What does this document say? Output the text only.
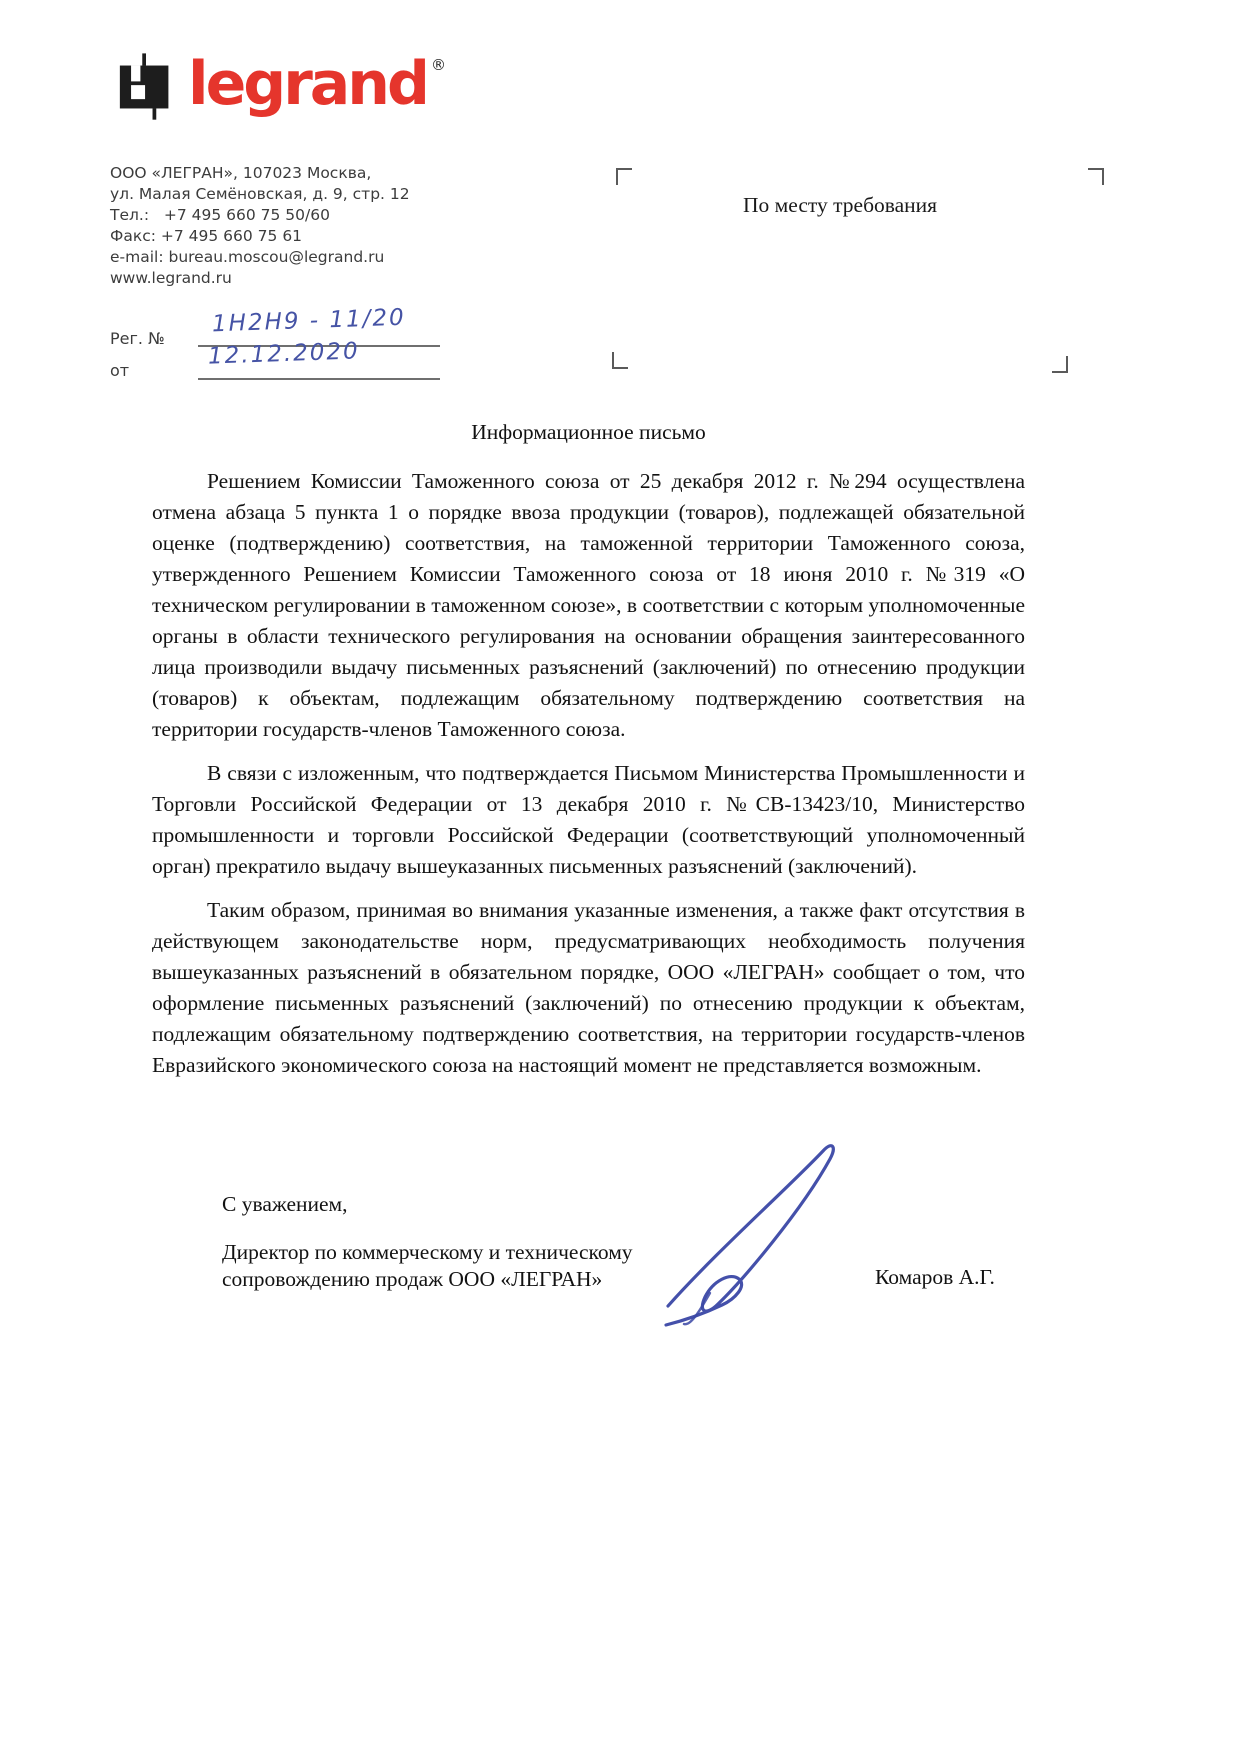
legrand ®
ООО «ЛЕГРАН», 107023 Москва,
ул. Малая Семёновская, д. 9, стр. 12
Тел.:   +7 495 660 75 50/60
Факс: +7 495 660 75 61
e-mail: bureau.moscou@legrand.ru
www.legrand.ru
Рег. №
1Н2Н9 - 11/20
от
12.12.2020
По месту требования
Информационное письмо

Решением Комиссии Таможенного союза от 25 декабря 2012 г. №294 осуществлена отмена абзаца 5 пункта 1 о порядке ввоза продукции (товаров), подлежащей обязательной оценке (подтверждению) соответствия, на таможенной территории Таможенного союза, утвержденного Решением Комиссии Таможенного союза от 18 июня 2010 г. №319 «О техническом регулировании в таможенном союзе», в соответствии с которым уполномоченные органы в области технического регулирования на основании обращения заинтересованного лица производили выдачу письменных разъяснений (заключений) по отнесению продукции (товаров) к объектам, подлежащим обязательному подтверждению соответствия на территории государств-членов Таможенного союза.

В связи с изложенным, что подтверждается Письмом Министерства Промышленности и Торговли Российской Федерации от 13 декабря 2010 г. №СВ-13423/10, Министерство промышленности и торговли Российской Федерации (соответствующий уполномоченный орган) прекратило выдачу вышеуказанных письменных разъяснений (заключений).

Таким образом, принимая во внимания указанные изменения, а также факт отсутствия в действующем законодательстве норм, предусматривающих необходимость получения вышеуказанных разъяснений в обязательном порядке, ООО «ЛЕГРАН» сообщает о том, что оформление письменных разъяснений (заключений) по отнесению продукции к объектам, подлежащим обязательному подтверждению соответствия, на территории государств-членов Евразийского экономического союза на настоящий момент не представляется возможным.

С уважением,
Директор по коммерческому и техническому
сопровождению продаж ООО «ЛЕГРАН»	Комаров А.Г.
